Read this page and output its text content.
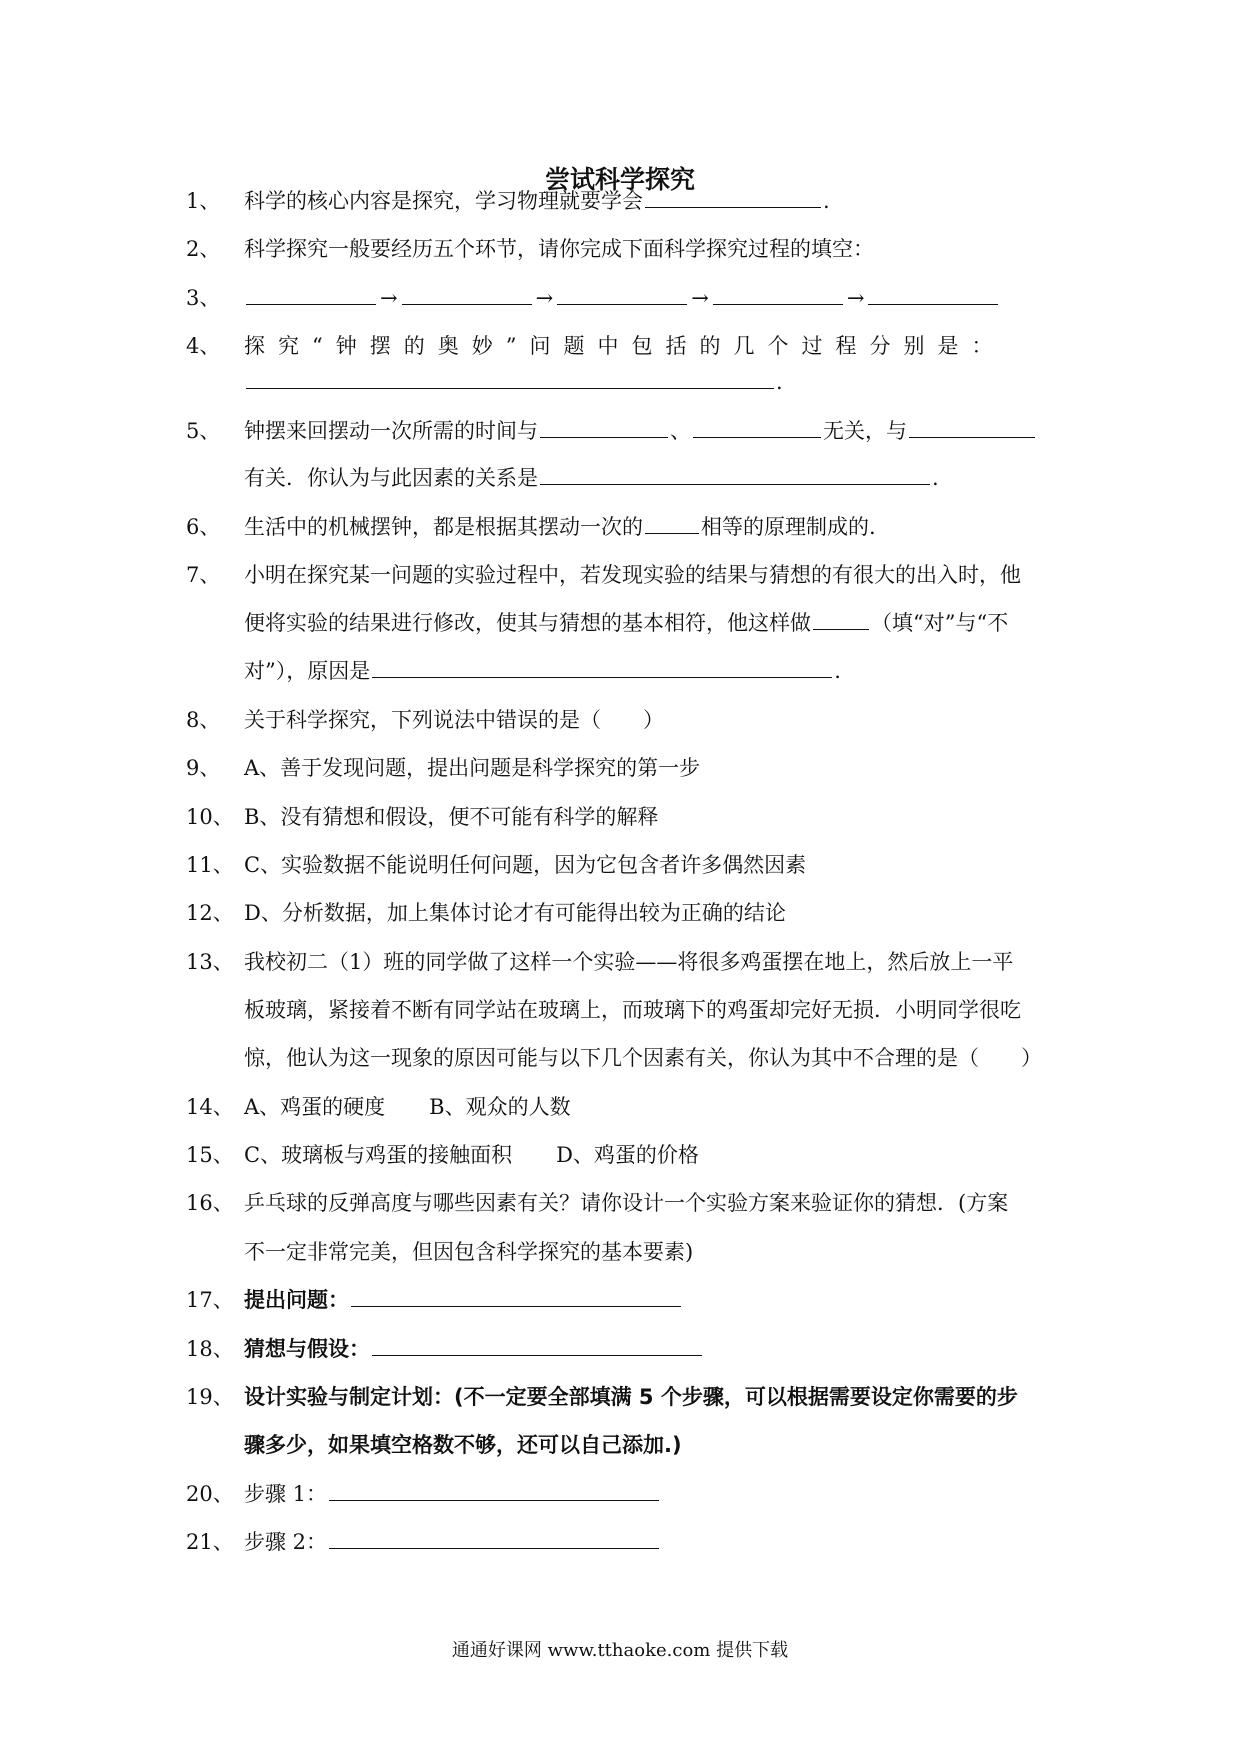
尝试科学探究
1、	科学的核心内容是探究，学习物理就要学会	.
2、	科学探究一般要经历五个环节，请你完成下面科学探究过程的填空：
3、	→	→	→	→
4、	探究“钟摆的奥妙”问题中包括的几个过程分别是：
.
5、	钟摆来回摆动一次所需的时间与	、	无关，与
有关．你认为与此因素的关系是	.
6、	生活中的机械摆钟，都是根据其摆动一次的	相等的原理制成的.
7、	小明在探究某一问题的实验过程中，若发现实验的结果与猜想的有很大的出入时，他
便将实验的结果进行修改，使其与猜想的基本相符，他这样做	（填“对”与“不
对”），原因是	.
8、	关于科学探究，下列说法中错误的是（　　）
9、	A、善于发现问题，提出问题是科学探究的第一步
10、 B、没有猜想和假设，便不可能有科学的解释
11、 C、实验数据不能说明任何问题，因为它包含者许多偶然因素
12、 D、分析数据，加上集体讨论才有可能得出较为正确的结论
13、 我校初二（1）班的同学做了这样一个实验——将很多鸡蛋摆在地上，然后放上一平
板玻璃，紧接着不断有同学站在玻璃上，而玻璃下的鸡蛋却完好无损．小明同学很吃
惊，他认为这一现象的原因可能与以下几个因素有关，你认为其中不合理的是（　　）
14、 A、鸡蛋的硬度 B、观众的人数
15、 C、玻璃板与鸡蛋的接触面积 D、鸡蛋的价格
16、 乒乓球的反弹高度与哪些因素有关？请你设计一个实验方案来验证你的猜想．(方案
不一定非常完美，但因包含科学探究的基本要素)
17、 提出问题：
18、 猜想与假设：
19、 设计实验与制定计划：(不一定要全部填满 5 个步骤，可以根据需要设定你需要的步
骤多少，如果填空格数不够，还可以自己添加.)
20、 步骤 1：
21、 步骤 2：
通通好课网 www.tthaoke.com 提供下载
